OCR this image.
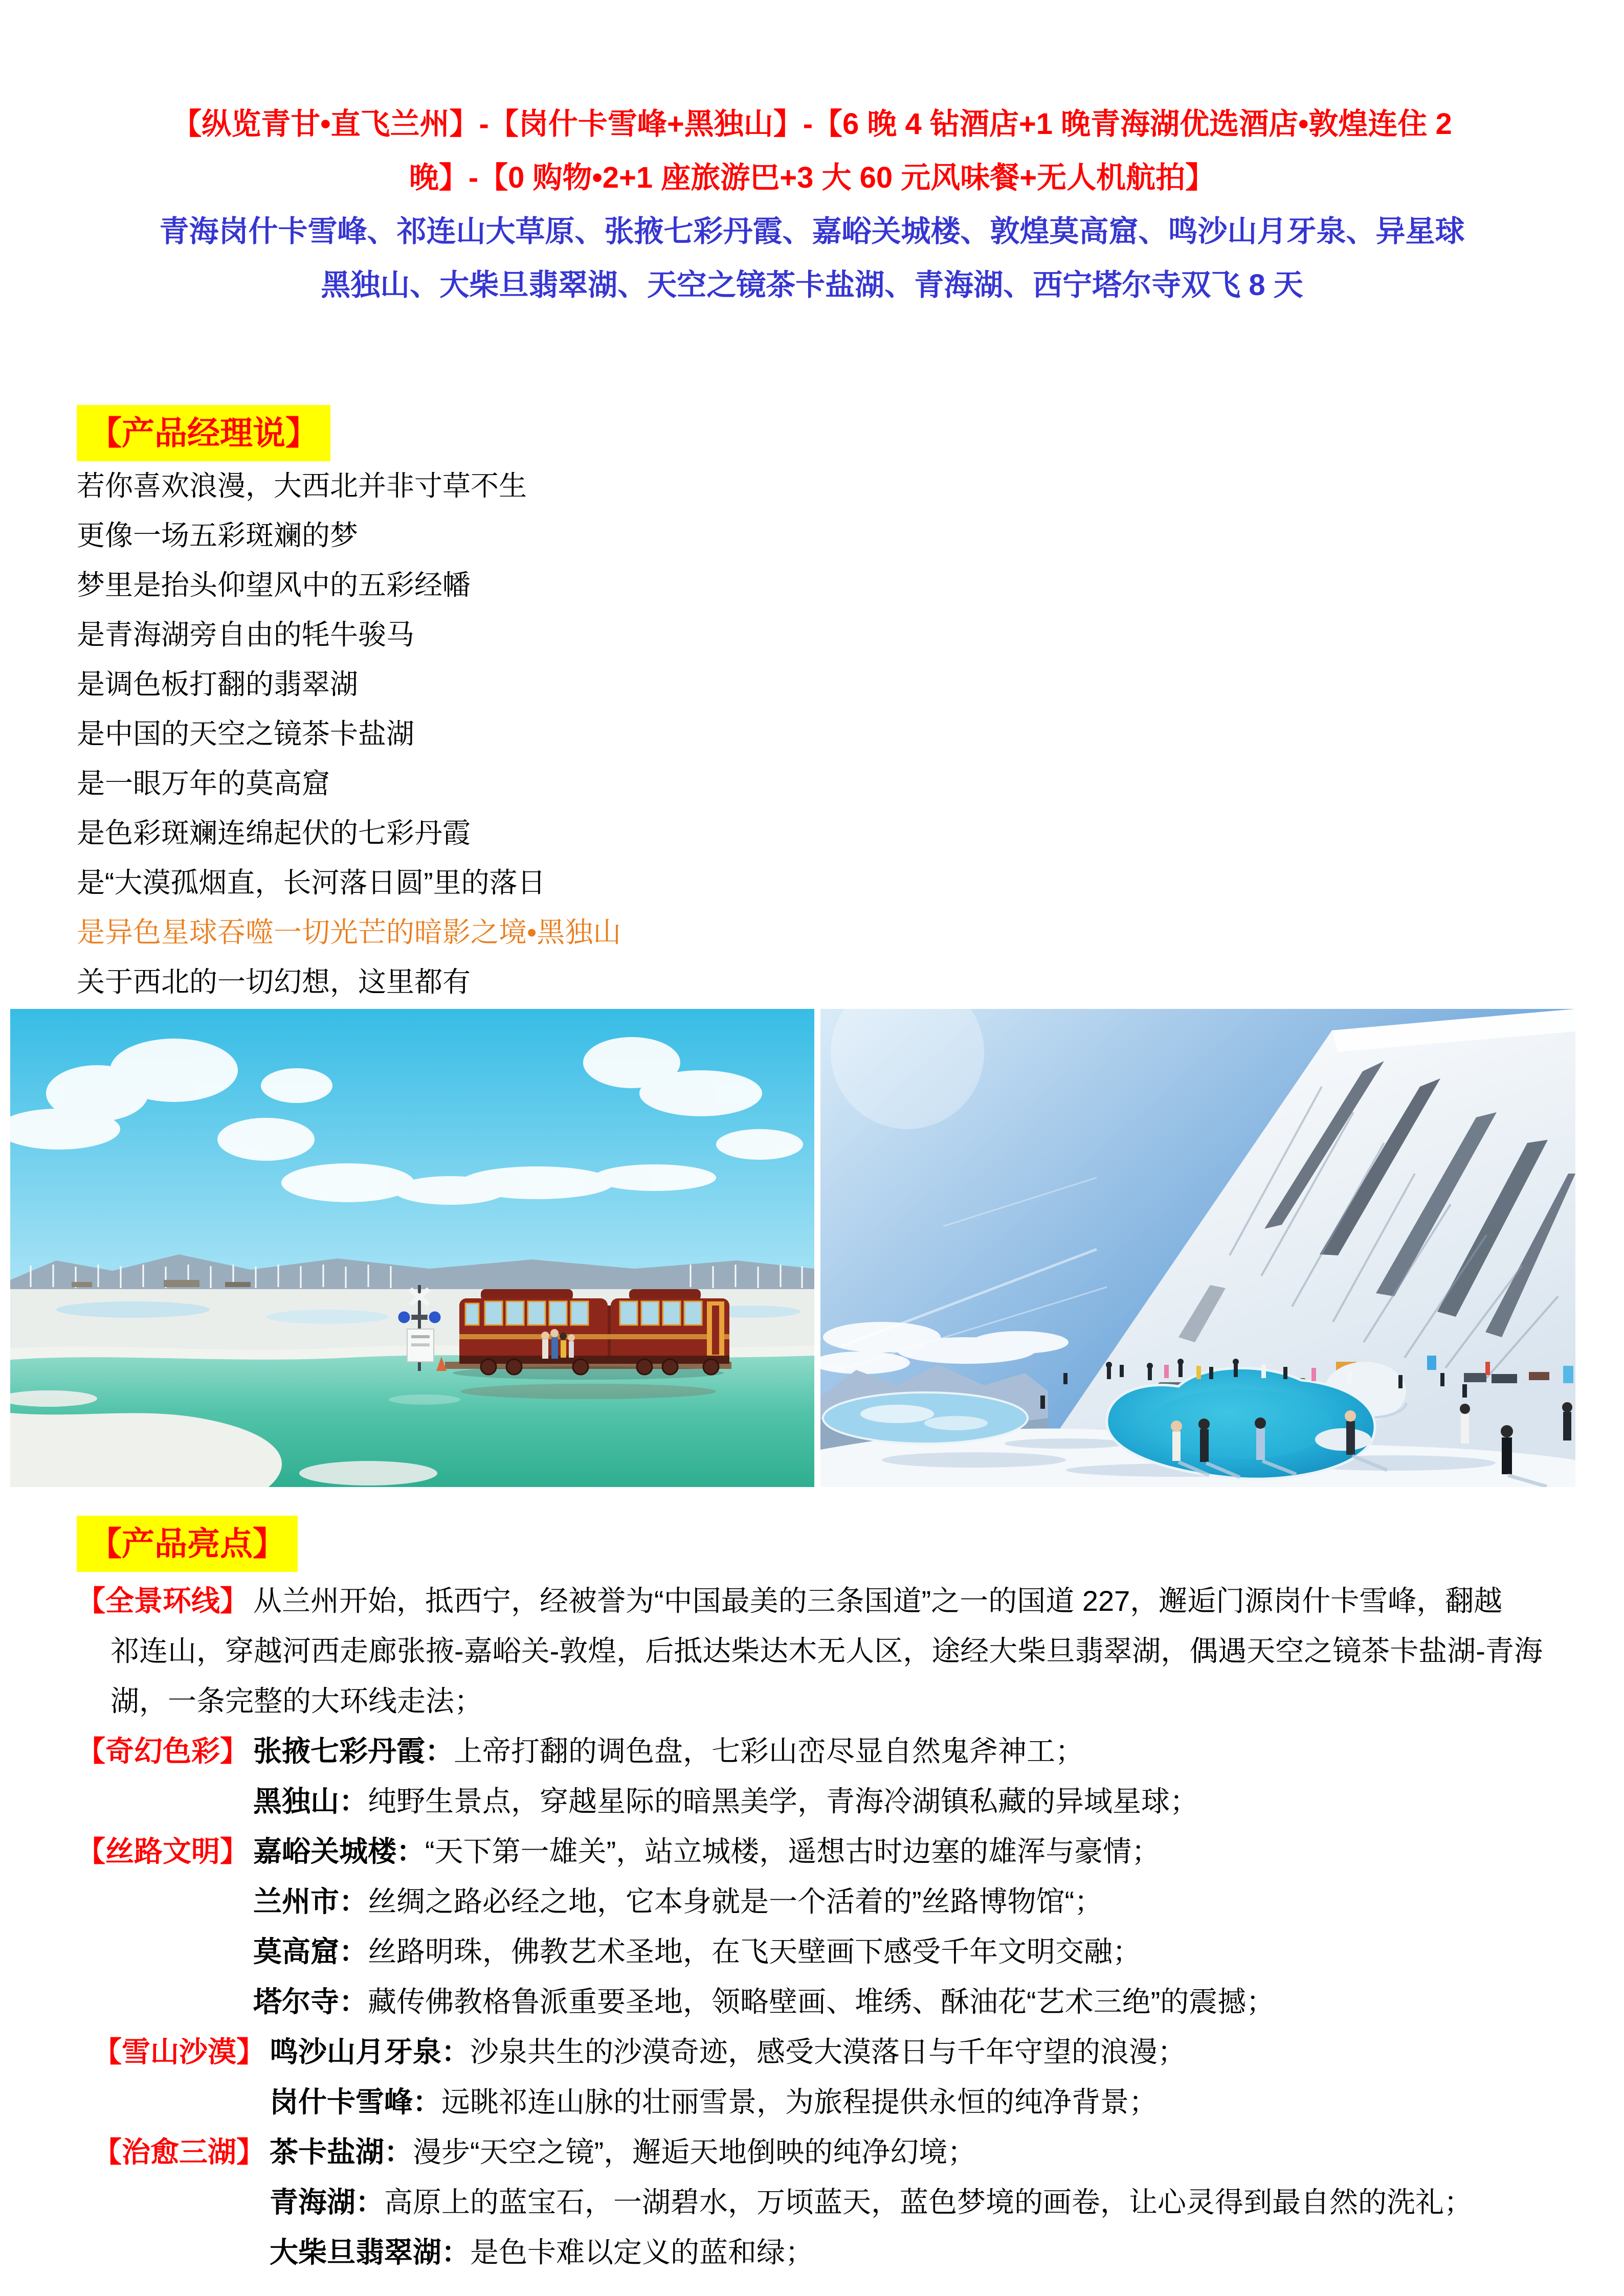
【纵览青甘•直飞兰州】-【岗什卡雪峰+黑独山】-【6 晚 4 钻酒店+1 晚青海湖优选酒店•敦煌连住 2
晚】-【0 购物•2+1 座旅游巴+3 大 60 元风味餐+无人机航拍】
青海岗什卡雪峰、祁连山大草原、张掖七彩丹霞、嘉峪关城楼、敦煌莫高窟、鸣沙山月牙泉、异星球
黑独山、大柴旦翡翠湖、天空之镜茶卡盐湖、青海湖、西宁塔尔寺双飞 8 天
【产品经理说】
若你喜欢浪漫，大西北并非寸草不生
更像一场五彩斑斓的梦
梦里是抬头仰望风中的五彩经幡
是青海湖旁自由的牦牛骏马
是调色板打翻的翡翠湖
是中国的天空之镜茶卡盐湖
是一眼万年的莫高窟
是色彩斑斓连绵起伏的七彩丹霞
是“大漠孤烟直，长河落日圆”里的落日
是异色星球吞噬一切光芒的暗影之境•黑独山
关于西北的一切幻想，这里都有
【产品亮点】
【全景环线】 从兰州开始，抵西宁，经被誉为“中国最美的三条国道”之一的国道 227，邂逅门源岗什卡雪峰，翻越
祁连山，穿越河西走廊张掖-嘉峪关-敦煌，后抵达柴达木无人区，途经大柴旦翡翠湖，偶遇天空之镜茶卡盐湖-青海
湖，一条完整的大环线走法；
【奇幻色彩】 张掖七彩丹霞：上帝打翻的调色盘，七彩山峦尽显自然鬼斧神工；
黑独山：纯野生景点，穿越星际的暗黑美学，青海冷湖镇私藏的异域星球；
【丝路文明】 嘉峪关城楼：“天下第一雄关”，站立城楼，遥想古时边塞的雄浑与豪情；
兰州市：丝绸之路必经之地，它本身就是一个活着的”丝路博物馆“；
莫高窟：丝路明珠，佛教艺术圣地，在飞天壁画下感受千年文明交融；
塔尔寺：藏传佛教格鲁派重要圣地，领略壁画、堆绣、酥油花“艺术三绝”的震撼；
【雪山沙漠】 鸣沙山月牙泉：沙泉共生的沙漠奇迹，感受大漠落日与千年守望的浪漫；
岗什卡雪峰：远眺祁连山脉的壮丽雪景，为旅程提供永恒的纯净背景；
【治愈三湖】 茶卡盐湖：漫步“天空之镜”，邂逅天地倒映的纯净幻境；
青海湖：高原上的蓝宝石，一湖碧水，万顷蓝天，蓝色梦境的画卷，让心灵得到最自然的洗礼；
大柴旦翡翠湖：是色卡难以定义的蓝和绿；
